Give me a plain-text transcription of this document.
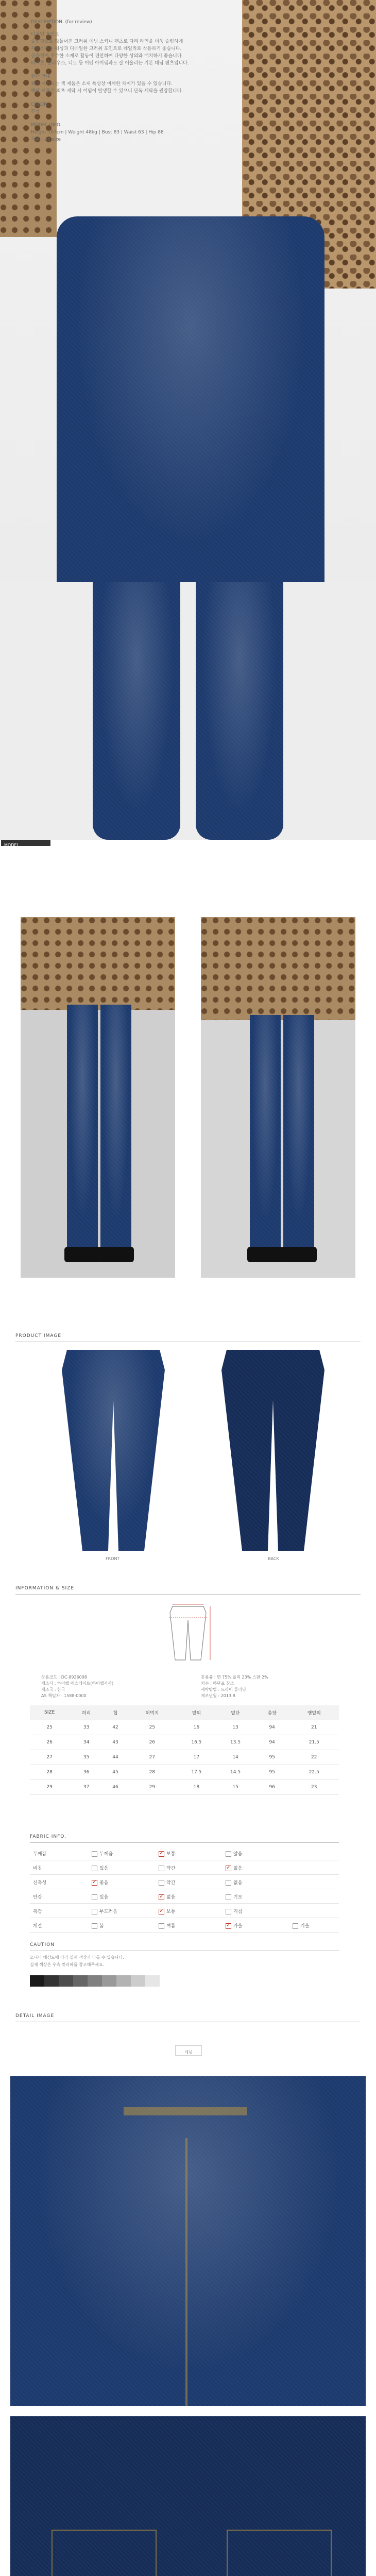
DESCRIPTION. (for review)
디자인 포인트
슬림핏으로 많들어진 크러쉬 데님 스키니 팬츠로 다리 라인을 더욱 슬림하게
자연스러운 워싱과 디테일한 크러쉬 포인트로 데일리로 착용하기 좋습니다.
신축성이 우수한 소재로 활동이 편안하며 다양한 상의와 매치하기 좋습니다.
티셔츠, 블라우스, 니트 등 어떤 아이템과도 잘 어울리는 기본 데님 팬츠입니다.
원단 안내
최근 제작되는 색 재품은 소재 특성상 미세한 차이가 있을 수 있습니다.
해당 제품은 최초 세탁 시 이염이 발생할 수 있으니 단독 세탁을 권장합니다.
COLOR
진청
MODEL INFO.
Height 167cm | Weight 48kg | Bust 83 | Waist 63 | Hip 88
착용 : 26 size
MODEL
PRODUCT IMAGE
FRONT	BACK
INFORMATION & SIZE
상품코드 : DC-8926098
제조사 : 하이랩 에스테이트(하이랩자사)
제조국 : 한국
AS 책임자 : 1588-0000
혼용률 : 면 75% 폴리 23% 스판 2%
치수 : 하단표 참조
세탁방법 : 드라이 클리닝
제조년월 : 2013.8
SIZE	허리	힙	허벅지	밑위	밑단	총장	앰밑위
25	33	42	25	16	13	94	21
26	34	43	26	16.5	13.5	94	21.5
27	35	44	27	17	14	95	22
28	36	45	28	17.5	14.5	95	22.5
29	37	46	29	18	15	96	23
FABRIC INFO.
두께감	두께움 ✓	보통	얇음
비침	있음	약간 ✓	없음
신축성 ✓	좋음	약간	없음
안감	있음 ✓	없음	기모
촉감	부드러움 ✓	보통	거침
계절	봄	여름 ✓	가을	겨울
CAUTION
모니터 해상도에 따라 실제 색상과 다를 수 있습니다.
실제 색상은 우측 컷러바를 참고해주세요.
DETAIL IMAGE
데님
